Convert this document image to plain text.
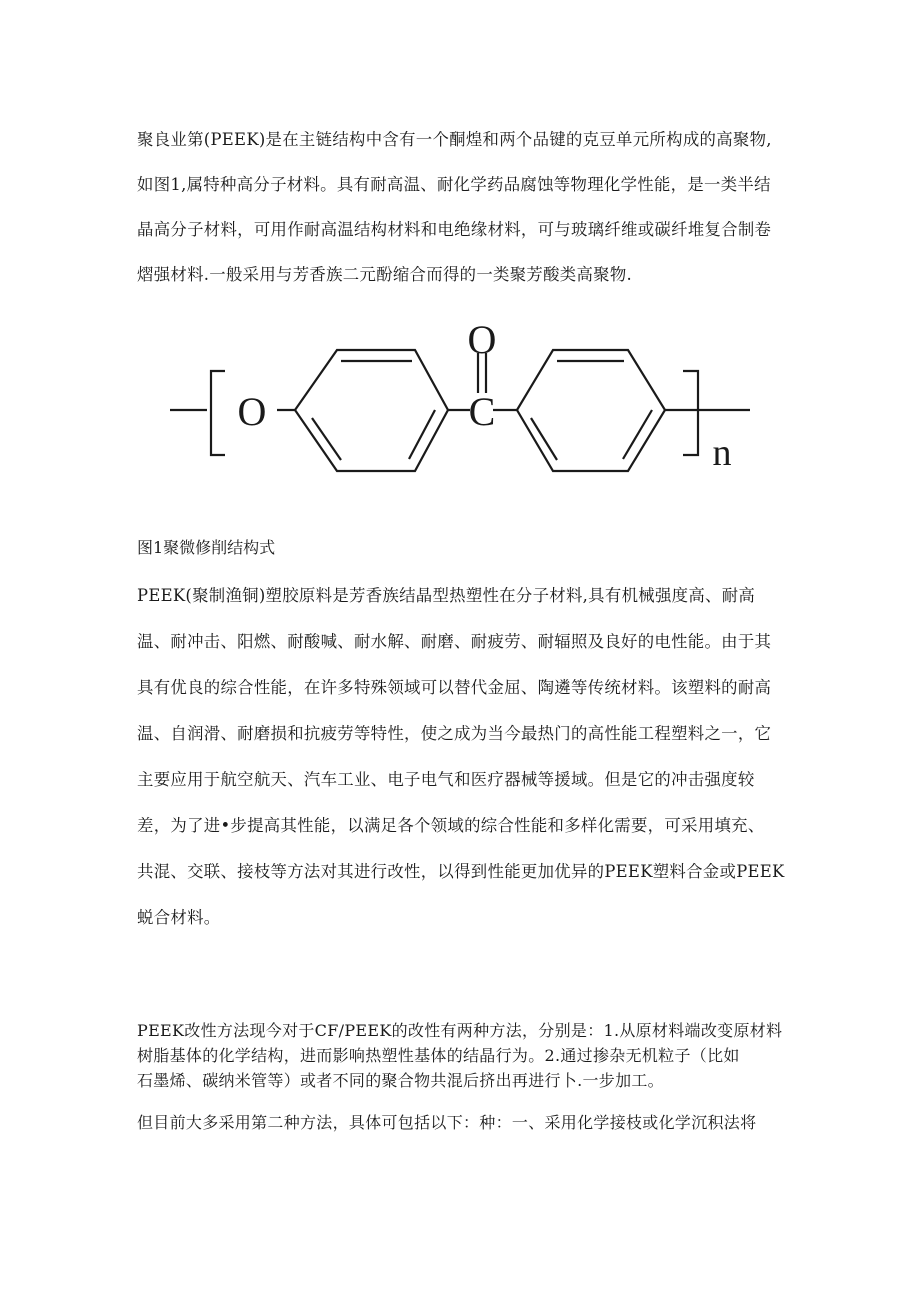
聚良业第(PEEK)是在主链结构中含有一个酮煌和两个品键的克豆单元所构成的高聚物,
如图1,属特种高分子材料。具有耐高温、耐化学药品腐蚀等物理化学性能，是一类半结
晶高分子材料，可用作耐高温结构材料和电绝缘材料，可与玻璃纤维或碳纤堆复合制卷
熠强材料.一般采用与芳香族二元酚缩合而得的一类聚芳酸类高聚物.

O	C
O
n

图1聚微修削结构式

PEEK(聚制渔铜)塑胶原料是芳香族结晶型热塑性在分子材料,具有机械强度高、耐高
温、耐冲击、阳燃、耐酸喊、耐水解、耐磨、耐疲劳、耐辐照及良好的电性能。由于其
具有优良的综合性能，在许多特殊领域可以替代金屈、陶遴等传统材料。该塑料的耐高
温、自润滑、耐磨损和抗疲劳等特性，使之成为当今最热门的高性能工程塑料之一，它
主要应用于航空航天、汽车工业、电子电气和医疗器械等援域。但是它的冲击强度较
差，为了进•步提高其性能，以满足各个领域的综合性能和多样化需要，可采用填充、
共混、交联、接枝等方法对其进行改性，以得到性能更加优异的PEEK塑料合金或PEEK
蜕合材料。

PEEK改性方法现今对于CF/PEEK的改性有两种方法，分别是：1.从原材料端改变原材料
树脂基体的化学结构，进而影响热塑性基体的结晶行为。2.通过掺杂无机粒子（比如
石墨烯、碳纳米管等）或者不同的聚合物共混后挤出再进行卜.一步加工。

但目前大多采用第二种方法，具体可包括以下：种：一、采用化学接枝或化学沉积法将
